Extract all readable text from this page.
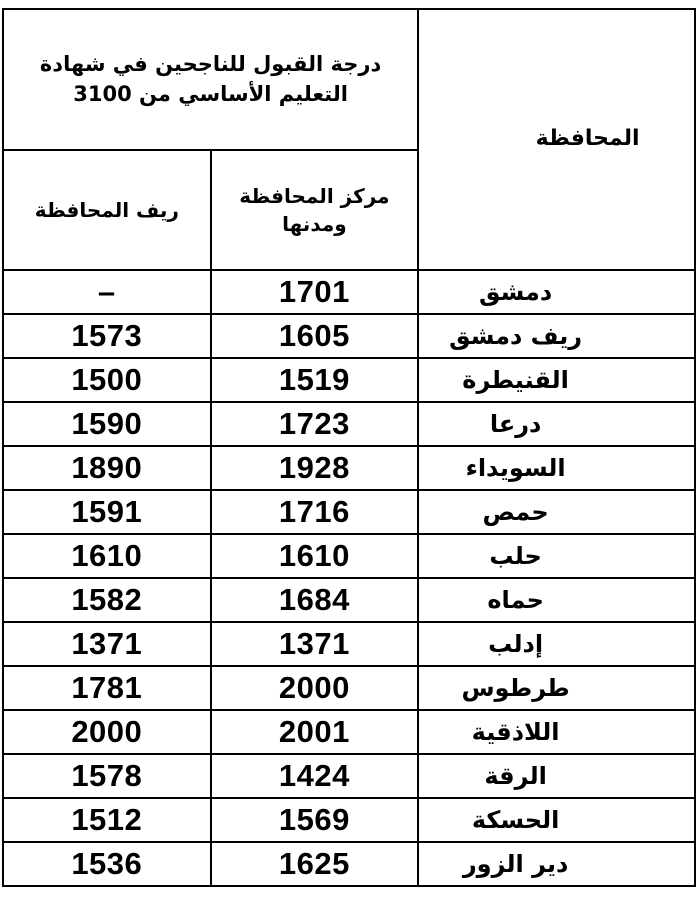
درجة القبول للناجحين في شهادة التعليم الأساسي من 3100		المحافظة

ريف المحافظة	مركز المحافظة ومدنها	

–	1701	دمشق
1573	1605	ريف دمشق
1500	1519	القنيطرة
1590	1723	درعا
1890	1928	السويداء
1591	1716	حمص
1610	1610	حلب
1582	1684	حماه
1371	1371	إدلب
1781	2000	طرطوس
2000	2001	اللاذقية
1578	1424	الرقة
1512	1569	الحسكة
1536	1625	دير الزور
